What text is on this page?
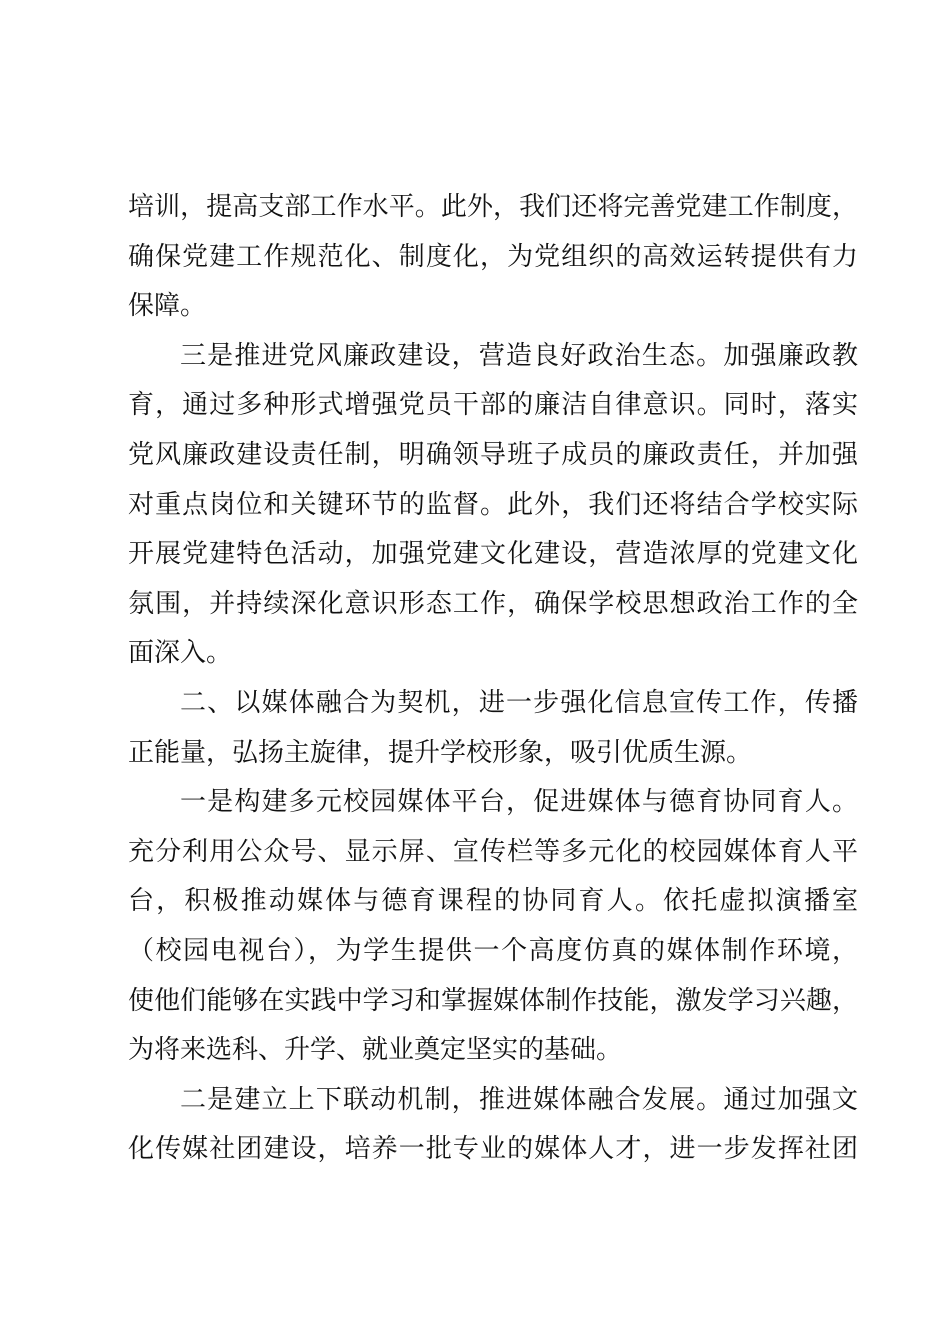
培训，提高支部工作水平。此外，我们还将完善党建工作制度，
确保党建工作规范化、制度化，为党组织的高效运转提供有力
保障。
三是推进党风廉政建设，营造良好政治生态。加强廉政教
育，通过多种形式增强党员干部的廉洁自律意识。同时，落实
党风廉政建设责任制，明确领导班子成员的廉政责任，并加强
对重点岗位和关键环节的监督。此外，我们还将结合学校实际
开展党建特色活动，加强党建文化建设，营造浓厚的党建文化
氛围，并持续深化意识形态工作，确保学校思想政治工作的全
面深入。
二、以媒体融合为契机，进一步强化信息宣传工作，传播
正能量，弘扬主旋律，提升学校形象，吸引优质生源。
一是构建多元校园媒体平台，促进媒体与德育协同育人。
充分利用公众号、显示屏、宣传栏等多元化的校园媒体育人平
台，积极推动媒体与德育课程的协同育人。依托虚拟演播室
（校园电视台），为学生提供一个高度仿真的媒体制作环境，
使他们能够在实践中学习和掌握媒体制作技能，激发学习兴趣，
为将来选科、升学、就业奠定坚实的基础。
二是建立上下联动机制，推进媒体融合发展。通过加强文
化传媒社团建设，培养一批专业的媒体人才，进一步发挥社团
